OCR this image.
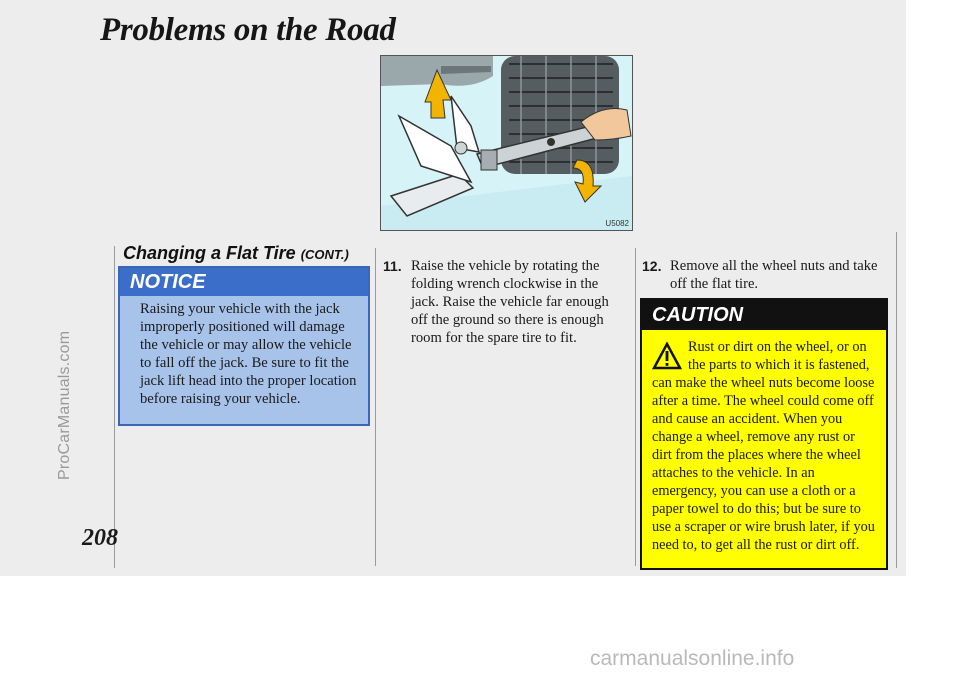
Problems on the Road
Changing a Flat Tire (CONT.)
NOTICE
Raising your vehicle with the jack improperly positioned will damage the vehicle or may allow the vehicle to fall off the jack. Be sure to fit the jack lift head into the proper location before raising your vehicle.
U5082
11. Raise the vehicle by rotating the folding wrench clockwise in the jack. Raise the vehicle far enough off the ground so there is enough room for the spare tire to fit.
12. Remove all the wheel nuts and take off the flat tire.
CAUTION
Rust or dirt on the wheel, or on the parts to which it is fastened, can make the wheel nuts become loose after a time. The wheel could come off and cause an accident. When you change a wheel, remove any rust or dirt from the places where the wheel attaches to the vehicle. In an emergency, you can use a cloth or a paper towel to do this; but be sure to use a scraper or wire brush later, if you need to, to get all the rust or dirt off.
208
ProCarManuals.com
carmanualsonline.info
